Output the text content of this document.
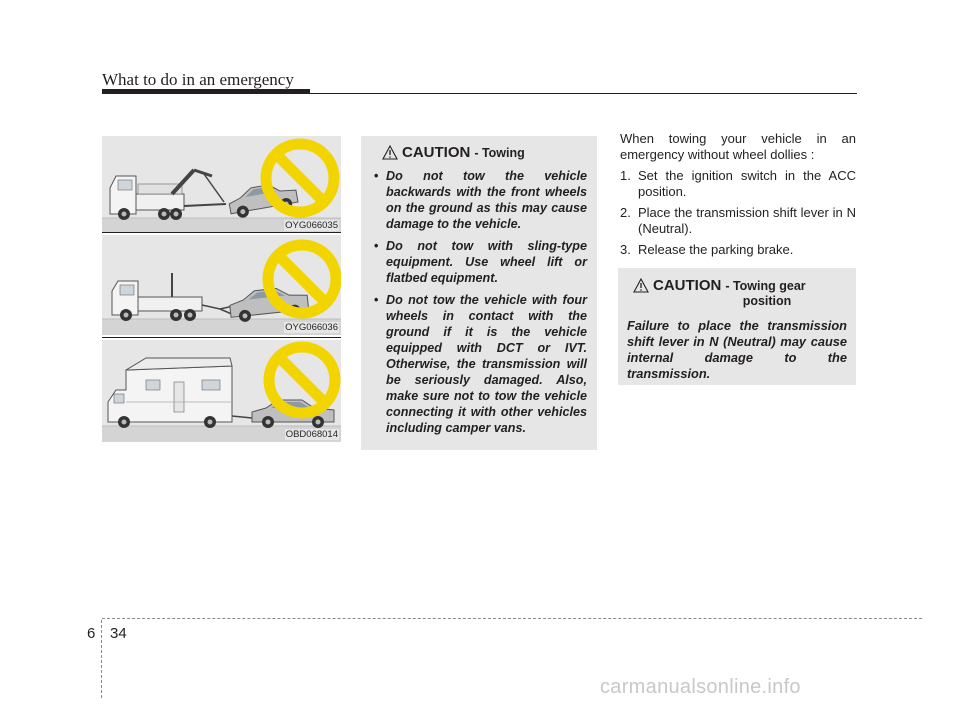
What to do in an emergency
OYG066035
OYG066036
OBD068014
CAUTION - Towing
• Do not tow the vehicle backwards with the front wheels on the ground as this may cause damage to the vehicle.
• Do not tow with sling-type equipment. Use wheel lift or flatbed equipment.
• Do not tow the vehicle with four wheels in contact with the ground if it is the vehicle equipped with DCT or IVT. Otherwise, the transmission will be seriously damaged. Also, make sure not to tow the vehicle connecting it with other vehicles including camper vans.

When towing your vehicle in an emergency without wheel dollies :

1. Set the ignition switch in the ACC position.

2. Place the transmission shift lever in N (Neutral).

3. Release the parking brake.

CAUTION - Towing gear
position
Failure to place the transmission shift lever in N (Neutral) may cause internal damage to the transmission.
6 34
carmanualsonline.info
